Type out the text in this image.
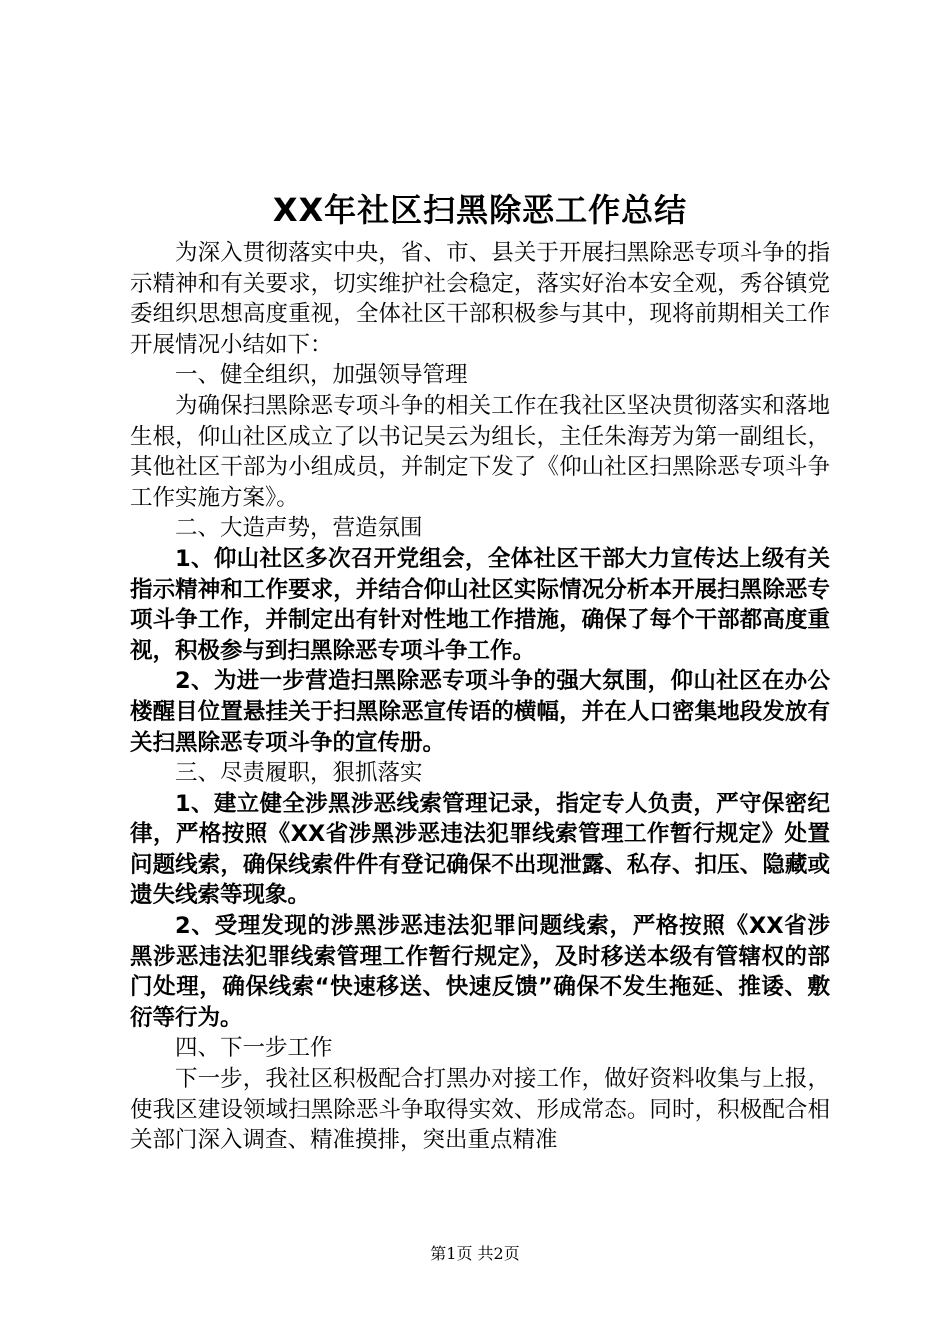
XX年社区扫黑除恶工作总结

为深入贯彻落实中央，省、市、县关于开展扫黑除恶专项斗争的指示精神和有关要求，切实维护社会稳定，落实好治本安全观，秀谷镇党委组织思想高度重视，全体社区干部积极参与其中，现将前期相关工作开展情况小结如下：

一、健全组织，加强领导管理

为确保扫黑除恶专项斗争的相关工作在我社区坚决贯彻落实和落地生根，仰山社区成立了以书记吴云为组长，主任朱海芳为第一副组长，其他社区干部为小组成员，并制定下发了《仰山社区扫黑除恶专项斗争工作实施方案》。

二、大造声势，营造氛围

1、仰山社区多次召开党组会，全体社区干部大力宣传达上级有关指示精神和工作要求，并结合仰山社区实际情况分析本开展扫黑除恶专项斗争工作，并制定出有针对性地工作措施，确保了每个干部都高度重视，积极参与到扫黑除恶专项斗争工作。

2、为进一步营造扫黑除恶专项斗争的强大氛围，仰山社区在办公楼醒目位置悬挂关于扫黑除恶宣传语的横幅，并在人口密集地段发放有关扫黑除恶专项斗争的宣传册。

三、尽责履职，狠抓落实

1、建立健全涉黑涉恶线索管理记录，指定专人负责，严守保密纪律，严格按照《XX省涉黑涉恶违法犯罪线索管理工作暂行规定》处置问题线索，确保线索件件有登记确保不出现泄露、私存、扣压、隐藏或遗失线索等现象。

2、受理发现的涉黑涉恶违法犯罪问题线索，严格按照《XX省涉黑涉恶违法犯罪线索管理工作暂行规定》，及时移送本级有管辖权的部门处理，确保线索“快速移送、快速反馈”确保不发生拖延、推诿、敷衍等行为。

四、下一步工作

下一步，我社区积极配合打黑办对接工作，做好资料收集与上报，使我区建设领域扫黑除恶斗争取得实效、形成常态。同时，积极配合相关部门深入调查、精准摸排，突出重点精准

第1页 共2页
